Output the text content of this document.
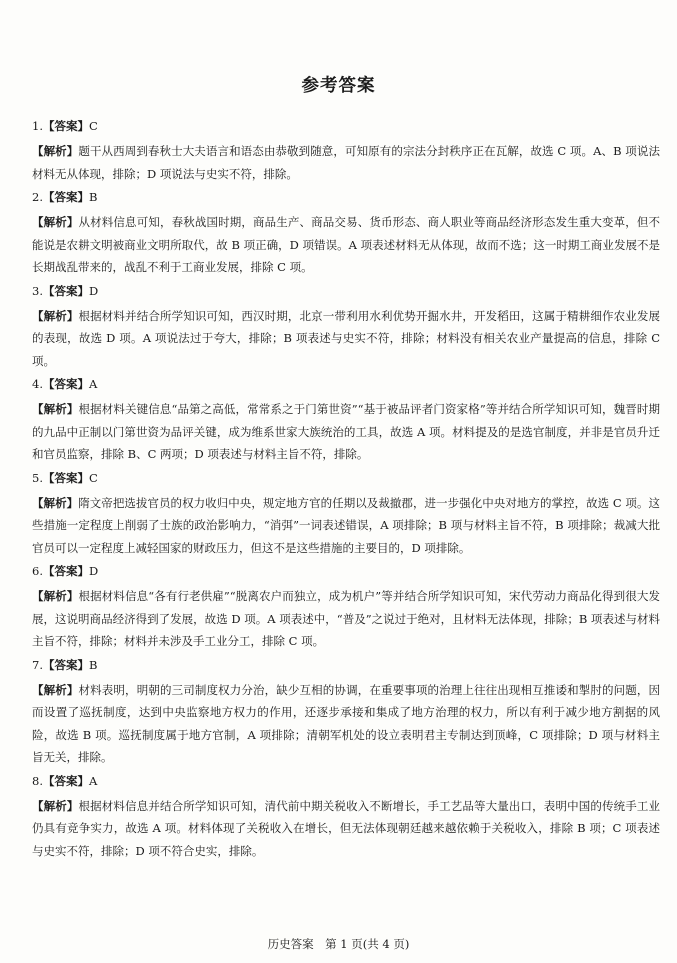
参考答案
1.【答案】C
【解析】题干从西周到春秋士大夫语言和语态由恭敬到随意，可知原有的宗法分封秩序正在瓦解，故选 C 项。A、B 项说法材料无从体现，排除；D 项说法与史实不符，排除。
2.【答案】B
【解析】从材料信息可知，春秋战国时期，商品生产、商品交易、货币形态、商人职业等商品经济形态发生重大变革，但不能说是农耕文明被商业文明所取代，故 B 项正确，D 项错误。A 项表述材料无从体现，故而不选；这一时期工商业发展不是长期战乱带来的，战乱不利于工商业发展，排除 C 项。
3.【答案】D
【解析】根据材料并结合所学知识可知，西汉时期，北京一带利用水利优势开掘水井，开发稻田，这属于精耕细作农业发展的表现，故选 D 项。A 项说法过于夸大，排除；B 项表述与史实不符，排除；材料没有相关农业产量提高的信息，排除 C 项。
4.【答案】A
【解析】根据材料关键信息“品第之高低，常常系之于门第世资”“基于被品评者门资家格”等并结合所学知识可知，魏晋时期的九品中正制以门第世资为品评关键，成为维系世家大族统治的工具，故选 A 项。材料提及的是选官制度，并非是官员升迁和官员监察，排除 B、C 两项；D 项表述与材料主旨不符，排除。
5.【答案】C
【解析】隋文帝把选拔官员的权力收归中央，规定地方官的任期以及裁撤郡，进一步强化中央对地方的掌控，故选 C 项。这些措施一定程度上削弱了士族的政治影响力，“消弭”一词表述错误，A 项排除；B 项与材料主旨不符，B 项排除；裁减大批官员可以一定程度上减轻国家的财政压力，但这不是这些措施的主要目的，D 项排除。
6.【答案】D
【解析】根据材料信息“各有行老供雇”“脱离农户而独立，成为机户”等并结合所学知识可知，宋代劳动力商品化得到很大发展，这说明商品经济得到了发展，故选 D 项。A 项表述中，“普及”之说过于绝对，且材料无法体现，排除；B 项表述与材料主旨不符，排除；材料并未涉及手工业分工，排除 C 项。
7.【答案】B
【解析】材料表明，明朝的三司制度权力分治，缺少互相的协调，在重要事项的治理上往往出现相互推诿和掣肘的问题，因而设置了巡抚制度，达到中央监察地方权力的作用，还逐步承接和集成了地方治理的权力，所以有利于减少地方割据的风险，故选 B 项。巡抚制度属于地方官制，A 项排除；清朝军机处的设立表明君主专制达到顶峰，C 项排除；D 项与材料主旨无关，排除。
8.【答案】A
【解析】根据材料信息并结合所学知识可知，清代前中期关税收入不断增长，手工艺品等大量出口，表明中国的传统手工业仍具有竞争实力，故选 A 项。材料体现了关税收入在增长，但无法体现朝廷越来越依赖于关税收入，排除 B 项；C 项表述与史实不符，排除；D 项不符合史实，排除。
历史答案　第 1 页(共 4 页)
